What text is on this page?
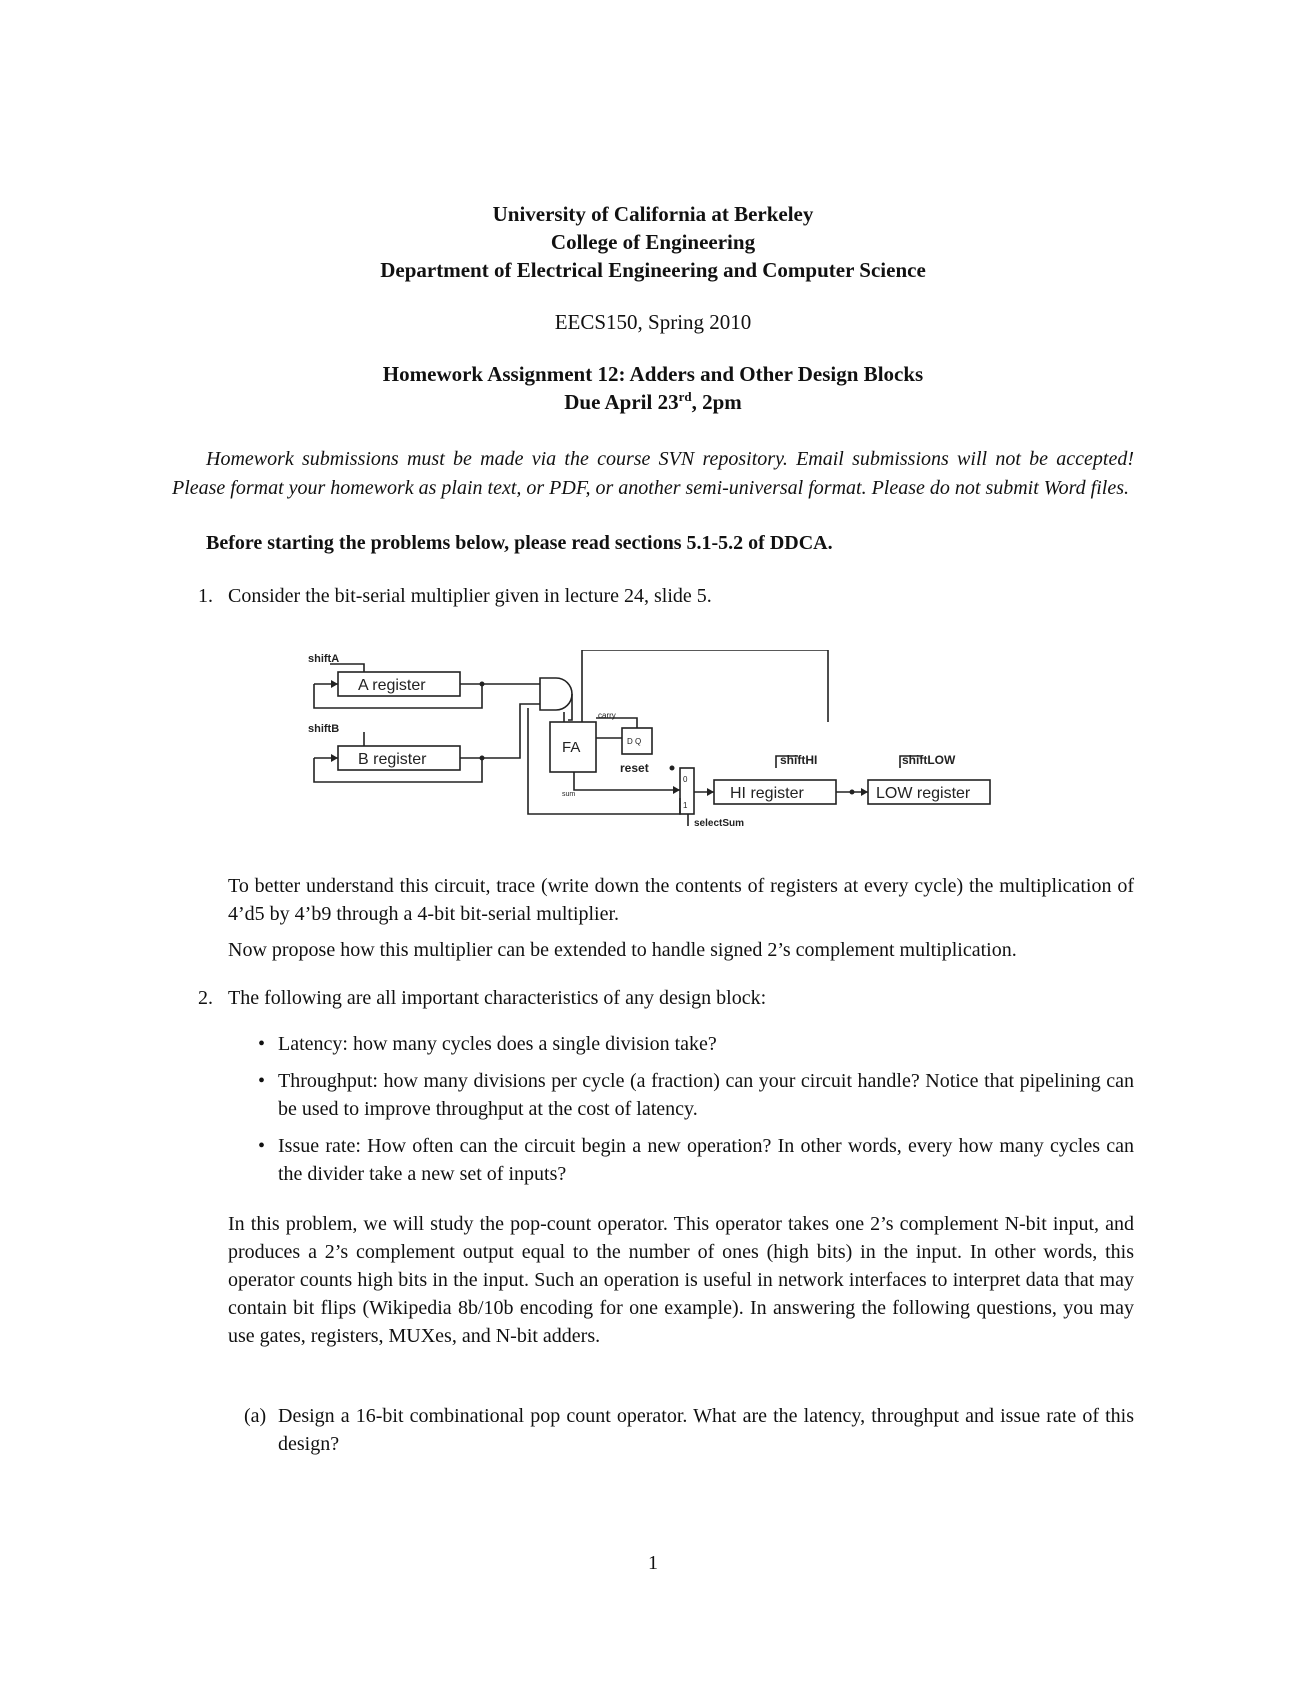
University of California at Berkeley
College of Engineering
Department of Electrical Engineering and Computer Science
EECS150, Spring 2010
Homework Assignment 12: Adders and Other Design Blocks
Due April 23rd, 2pm
Homework submissions must be made via the course SVN repository. Email submissions will not be accepted! Please format your homework as plain text, or PDF, or another semi-universal format. Please do not submit Word files.
Before starting the problems below, please read sections 5.1-5.2 of DDCA.
1. Consider the bit-serial multiplier given in lecture 24, slide 5.
shiftA
A register
shiftB
B register
FA
carry
D Q
reset
sum
0
1
selectSum
shiftHI
HI register
shiftLOW
LOW register
To better understand this circuit, trace (write down the contents of registers at every cycle) the multiplication of 4’d5 by 4’b9 through a 4-bit bit-serial multiplier.
Now propose how this multiplier can be extended to handle signed 2’s complement multiplication.
2. The following are all important characteristics of any design block:
• Latency: how many cycles does a single division take?
• Throughput: how many divisions per cycle (a fraction) can your circuit handle? Notice that pipelining can be used to improve throughput at the cost of latency.
• Issue rate: How often can the circuit begin a new operation? In other words, every how many cycles can the divider take a new set of inputs?
In this problem, we will study the pop-count operator. This operator takes one 2’s complement N-bit input, and produces a 2’s complement output equal to the number of ones (high bits) in the input. In other words, this operator counts high bits in the input. Such an operation is useful in network interfaces to interpret data that may contain bit flips (Wikipedia 8b/10b encoding for one example). In answering the following questions, you may use gates, registers, MUXes, and N-bit adders.
(a) Design a 16-bit combinational pop count operator. What are the latency, throughput and issue rate of this design?
1
